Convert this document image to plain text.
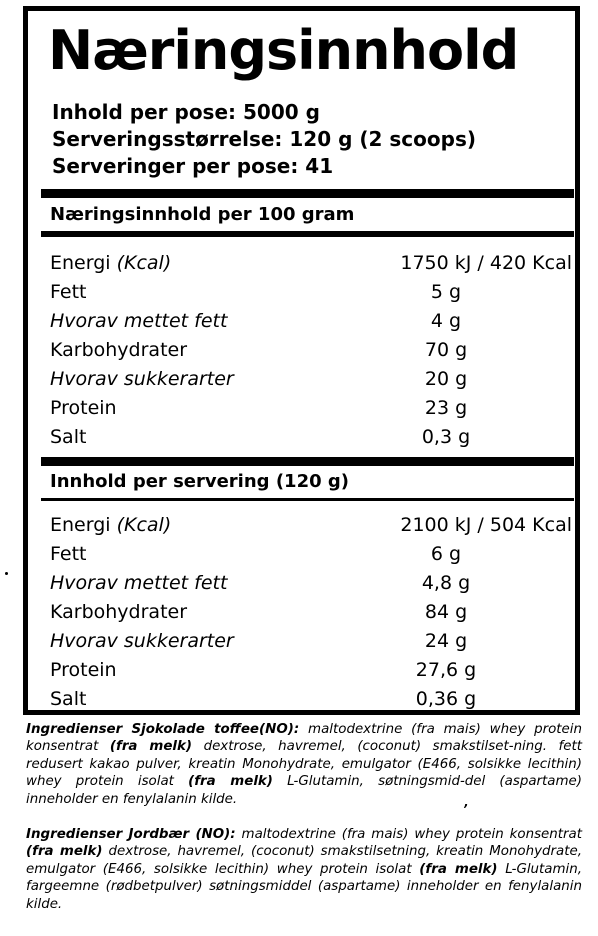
Næringsinnhold
Inhold per pose: 5000 g
Serveringsstørrelse: 120 g (2 scoops)
Serveringer per pose: 41
Næringsinnhold per 100 gram
Energi (Kcal)	1750 kJ / 420 Kcal
Fett	5 g
Hvorav mettet fett	4 g
Karbohydrater	70 g
Hvorav sukkerarter	20 g
Protein	23 g
Salt	0,3 g
Innhold per servering (120 g)
Energi (Kcal)	2100 kJ / 504 Kcal
Fett	6 g
Hvorav mettet fett	4,8 g
Karbohydrater	84 g
Hvorav sukkerarter	24 g
Protein	27,6 g
Salt	0,36 g
Ingredienser Sjokolade toffee(NO): maltodextrine (fra mais) whey protein konsentrat (fra melk) dextrose, havremel, (coconut) smakstilset-ning. fett redusert kakao pulver, kreatin Monohydrate, emulgator (E466, solsikke lecithin) whey protein isolat (fra melk) L-Glutamin, søtningsmid-del (aspartame) inneholder en fenylalanin kilde.
’
Ingredienser Jordbær (NO): maltodextrine (fra mais) whey protein konsentrat (fra melk) dextrose, havremel, (coconut) smakstilsetning, kreatin Monohydrate, emulgator (E466, solsikke lecithin) whey protein isolat (fra melk) L-Glutamin, fargeemne (rødbetpulver) søtningsmiddel (aspartame) inneholder en fenylalanin kilde.
